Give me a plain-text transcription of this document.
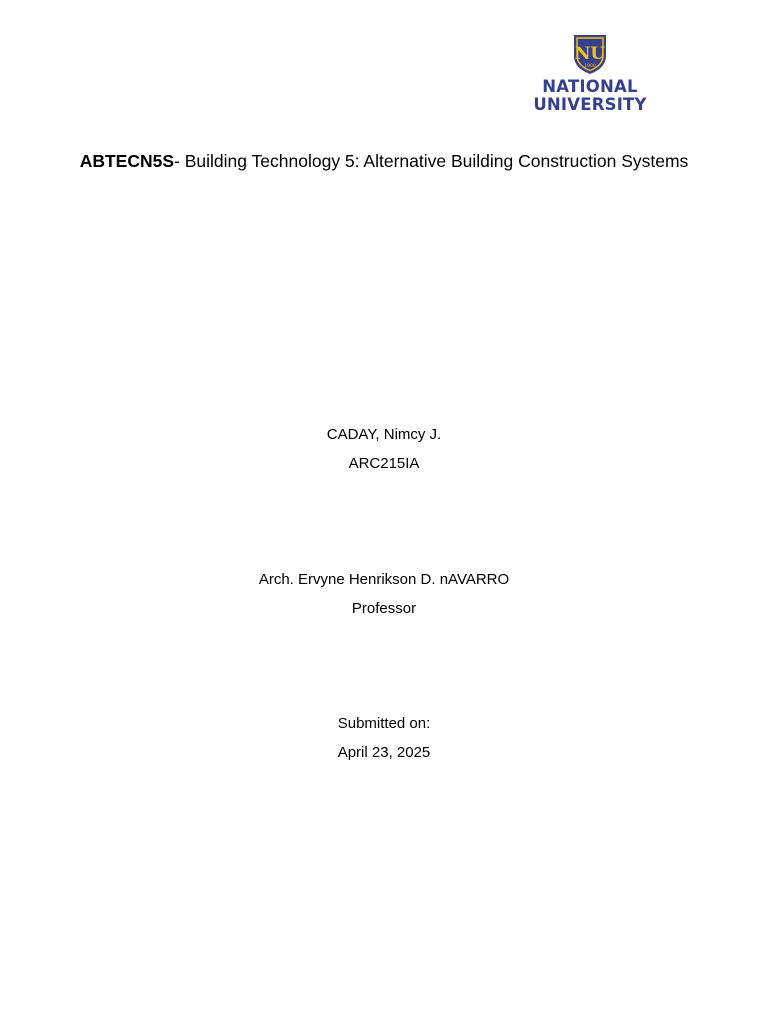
NU
1900
NATIONAL
UNIVERSITY
ABTECN5S- Building Technology 5: Alternative Building Construction Systems
CADAY, Nimcy J.
ARC215IA
Arch. Ervyne Henrikson D. nAVARRO
Professor
Submitted on:
April 23, 2025
